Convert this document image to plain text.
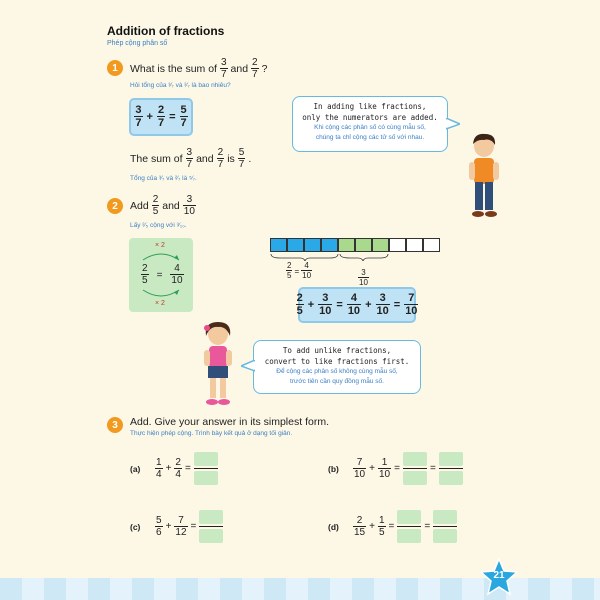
Addition of fractions
Phép cộng phân số
1	What is the sum of $\frac{3}{7}$ and $\frac{2}{7}$ ?
Hỏi tổng của ³⁄₇ và ²⁄₇ là bao nhiêu?
$\frac{3}{7} + \frac{2}{7} = \frac{5}{7}$
The sum of $\frac{3}{7}$ and $\frac{2}{7}$ is $\frac{5}{7}$ .
Tổng của ³⁄₇ và ²⁄₇ là ⁵⁄₇.
In adding like fractions,
only the numerators are added.
Khi cộng các phân số có cùng mẫu số,
chúng ta chỉ cộng các tử số với nhau.
2	Add $\frac{2}{5}$ and $\frac{3}{10}$
Lấy ²⁄₅ cộng với ³⁄₁₀.
× 2
$\frac{2}{5} = \frac{4}{10}$
× 2
$\frac{2}{5} = \frac{4}{10}$	$\frac{3}{10}$
$\frac{2}{5} + \frac{3}{10} = \frac{4}{10} + \frac{3}{10} = \frac{7}{10}$
To add unlike fractions,
convert to like fractions first.
Để cộng các phân số không cùng mẫu số,
trước tiên cần quy đồng mẫu số.
3	Add. Give your answer in its simplest form.
Thực hiện phép cộng. Trình bày kết quả ở dạng tối giản.
(a)	$\frac{1}{4} + \frac{2}{4}$ =	(b)	$\frac{7}{10} + \frac{1}{10}$ =	=
(c)	$\frac{5}{6} + \frac{7}{12}$ =	(d)	$\frac{2}{15} + \frac{1}{5}$ =	=
21
